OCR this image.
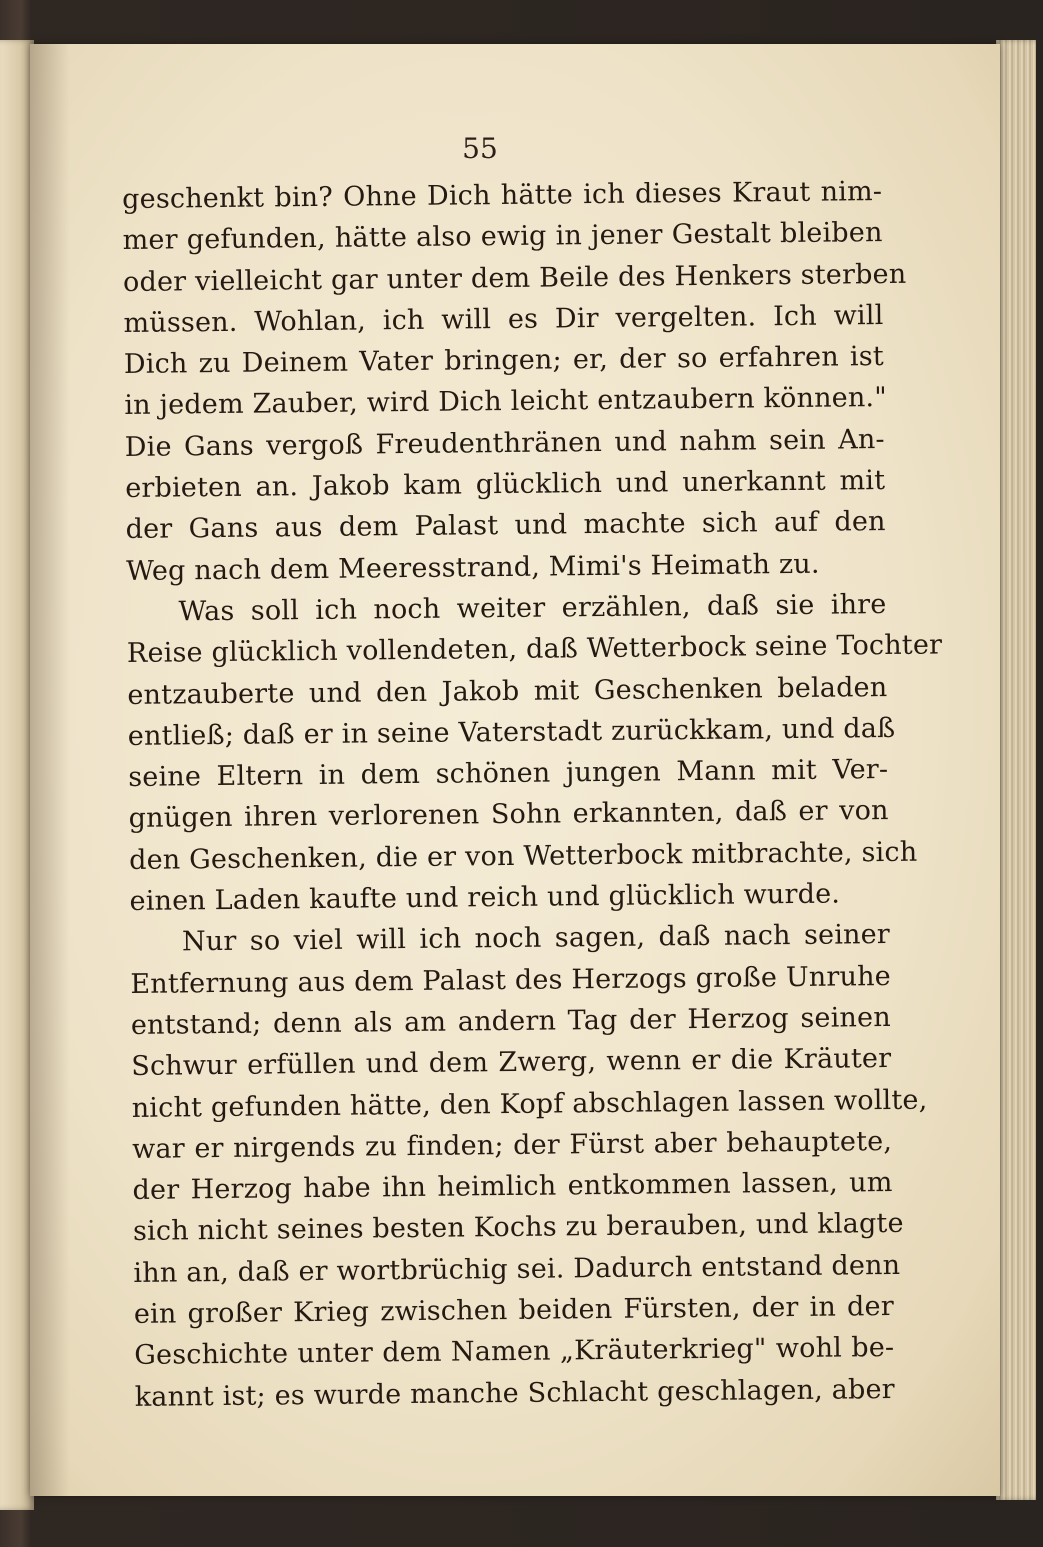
55
geschenkt bin? Ohne Dich hätte ich dieses Kraut nim-
mer gefunden, hätte also ewig in jener Gestalt bleiben
oder vielleicht gar unter dem Beile des Henkers sterben
müssen. Wohlan, ich will es Dir vergelten. Ich will
Dich zu Deinem Vater bringen; er, der so erfahren ist
in jedem Zauber, wird Dich leicht entzaubern können."
Die Gans vergoß Freudenthränen und nahm sein An-
erbieten an. Jakob kam glücklich und unerkannt mit
der Gans aus dem Palast und machte sich auf den
Weg nach dem Meeresstrand, Mimi's Heimath zu.
Was soll ich noch weiter erzählen, daß sie ihre
Reise glücklich vollendeten, daß Wetterbock seine Tochter
entzauberte und den Jakob mit Geschenken beladen
entließ; daß er in seine Vaterstadt zurückkam, und daß
seine Eltern in dem schönen jungen Mann mit Ver-
gnügen ihren verlorenen Sohn erkannten, daß er von
den Geschenken, die er von Wetterbock mitbrachte, sich
einen Laden kaufte und reich und glücklich wurde.
Nur so viel will ich noch sagen, daß nach seiner
Entfernung aus dem Palast des Herzogs große Unruhe
entstand; denn als am andern Tag der Herzog seinen
Schwur erfüllen und dem Zwerg, wenn er die Kräuter
nicht gefunden hätte, den Kopf abschlagen lassen wollte,
war er nirgends zu finden; der Fürst aber behauptete,
der Herzog habe ihn heimlich entkommen lassen, um
sich nicht seines besten Kochs zu berauben, und klagte
ihn an, daß er wortbrüchig sei. Dadurch entstand denn
ein großer Krieg zwischen beiden Fürsten, der in der
Geschichte unter dem Namen „Kräuterkrieg" wohl be-
kannt ist; es wurde manche Schlacht geschlagen, aber
